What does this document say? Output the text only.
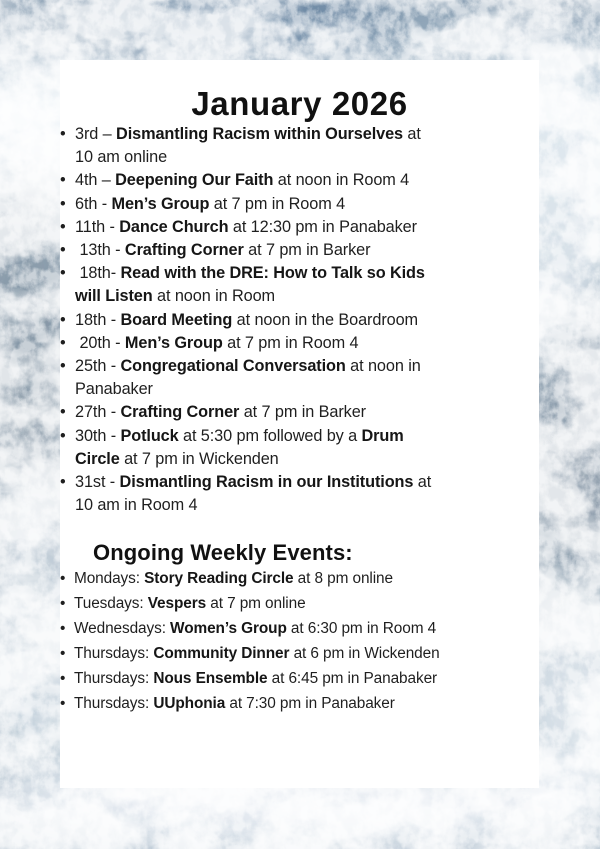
January 2026
• 3rd – Dismantling Racism within Ourselves at
10 am online
• 4th – Deepening Our Faith at noon in Room 4
• 6th - Men’s Group at 7 pm in Room 4
• 11th - Dance Church at 12:30 pm in Panabaker
• 13th - Crafting Corner at 7 pm in Barker
• 18th- Read with the DRE: How to Talk so Kids
will Listen at noon in Room
• 18th - Board Meeting at noon in the Boardroom
• 20th - Men’s Group at 7 pm in Room 4
• 25th - Congregational Conversation at noon in
Panabaker
• 27th - Crafting Corner at 7 pm in Barker
• 30th - Potluck at 5:30 pm followed by a Drum
Circle at 7 pm in Wickenden
• 31st - Dismantling Racism in our Institutions at
10 am in Room 4
Ongoing Weekly Events:
• Mondays: Story Reading Circle at 8 pm online
• Tuesdays: Vespers at 7 pm online
• Wednesdays: Women’s Group at 6:30 pm in Room 4
• Thursdays: Community Dinner at 6 pm in Wickenden
• Thursdays: Nous Ensemble at 6:45 pm in Panabaker
• Thursdays: UUphonia at 7:30 pm in Panabaker
